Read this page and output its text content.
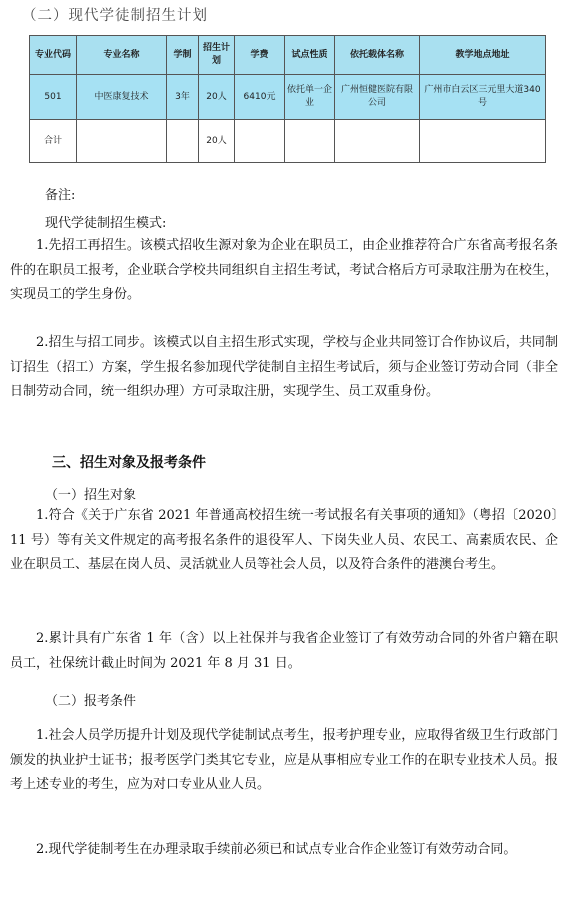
（二）现代学徒制招生计划
专业代码	专业名称	学制	招生计划	学费	试点性质	依托载体名称	教学地点地址
501	中医康复技术	3年	20人	6410元	依托单一企业	广州恒健医院有限公司	广州市白云区三元里大道340号
合计			20人				
备注:
现代学徒制招生模式:
1.先招工再招生。该模式招收生源对象为企业在职员工，由企业推荐符合广东省高考报名条件的在职员工报考，企业联合学校共同组织自主招生考试，考试合格后方可录取注册为在校生，实现员工的学生身份。
2.招生与招工同步。该模式以自主招生形式实现，学校与企业共同签订合作协议后，共同制订招生（招工）方案，学生报名参加现代学徒制自主招生考试后，须与企业签订劳动合同（非全日制劳动合同，统一组织办理）方可录取注册，实现学生、员工双重身份。
三、招生对象及报考条件
（一）招生对象
1.符合《关于广东省 2021 年普通高校招生统一考试报名有关事项的通知》（粤招〔2020〕11 号）等有关文件规定的高考报名条件的退役军人、下岗失业人员、农民工、高素质农民、企业在职员工、基层在岗人员、灵活就业人员等社会人员，以及符合条件的港澳台考生。
2.累计具有广东省 1 年（含）以上社保并与我省企业签订了有效劳动合同的外省户籍在职员工，社保统计截止时间为 2021 年 8 月 31 日。
（二）报考条件
1.社会人员学历提升计划及现代学徒制试点考生，报考护理专业，应取得省级卫生行政部门颁发的执业护士证书；报考医学门类其它专业，应是从事相应专业工作的在职专业技术人员。报考上述专业的考生，应为对口专业从业人员。
2.现代学徒制考生在办理录取手续前必须已和试点专业合作企业签订有效劳动合同。
